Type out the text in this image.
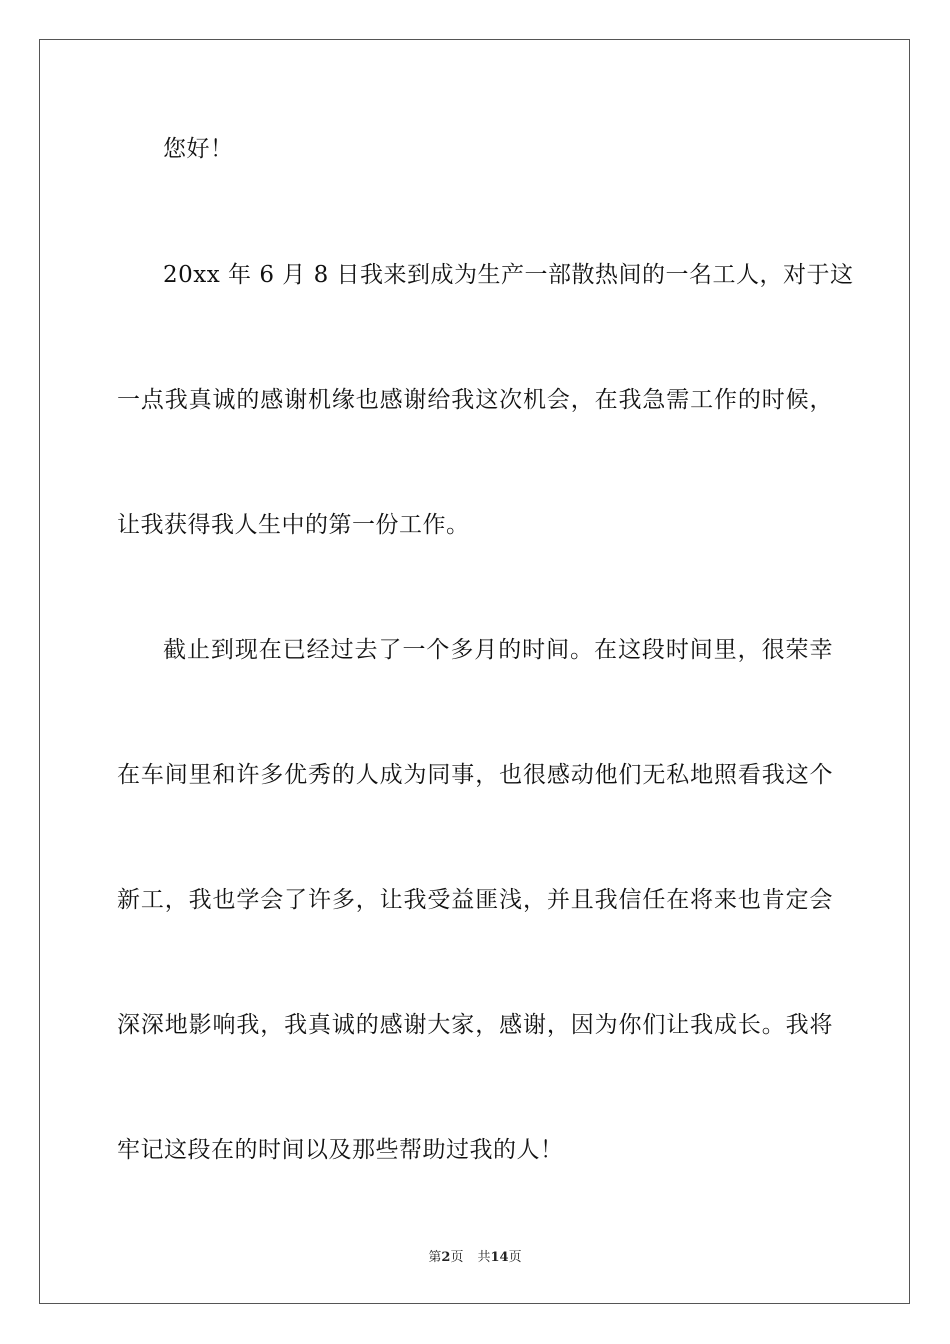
您好！
20xx 年 6 月 8 日我来到成为生产一部散热间的一名工人，对于这
一点我真诚的感谢机缘也感谢给我这次机会，在我急需工作的时候，
让我获得我人生中的第一份工作。
截止到现在已经过去了一个多月的时间。在这段时间里，很荣幸
在车间里和许多优秀的人成为同事，也很感动他们无私地照看我这个
新工，我也学会了许多，让我受益匪浅，并且我信任在将来也肯定会
深深地影响我，我真诚的感谢大家，感谢，因为你们让我成长。我将
牢记这段在的时间以及那些帮助过我的人！
第2页 共14页
